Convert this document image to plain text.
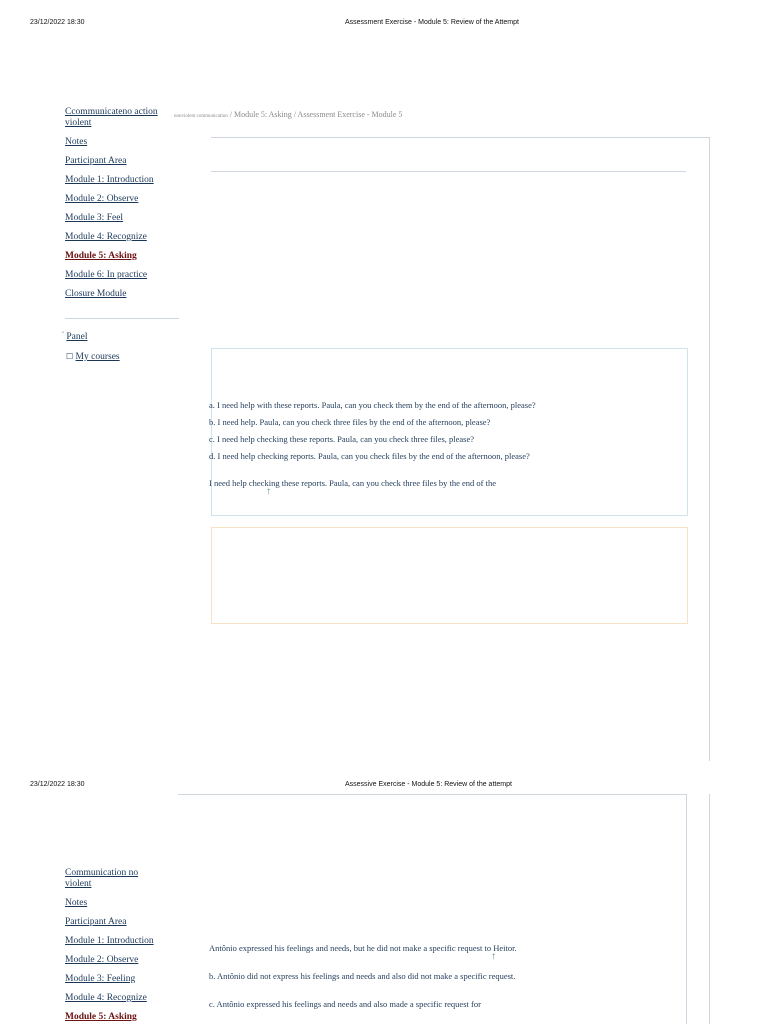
23/12/2022 18:30	Assessment Exercise - Module 5: Review of the Attempt
nonviolent communication / Module 5: Asking / Assessment Exercise - Module 5
Ccommunicateno action
violent
Notes
Participant Area
Module 1: Introduction
Module 2: Observe
Module 3: Feel
Module 4: Recognize
Module 5: Asking
Module 6: In practice
Closure Module
˚ Panel
☐ My courses
a. I need help with these reports. Paula, can you check them by the end of the afternoon, please?
b. I need help. Paula, can you check three files by the end of the afternoon, please?
c. I need help checking these reports. Paula, can you check three files, please?
d. I need help checking reports. Paula, can you check files by the end of the afternoon, please?
I need help checking these reports. Paula, can you check three files by the end of the
↑
23/12/2022 18:30	Assessive Exercise - Module 5: Review of the attempt
Communication no
violent
Notes
Participant Area
Module 1: Introduction
Module 2: Observe
Module 3: Feeling
Module 4: Recognize
Module 5: Asking
Antônio expressed his feelings and needs, but he did not make a specific request to Heitor.
↑
b. Antônio did not express his feelings and needs and also did not make a specific request.
c. Antônio expressed his feelings and needs and also made a specific request for
